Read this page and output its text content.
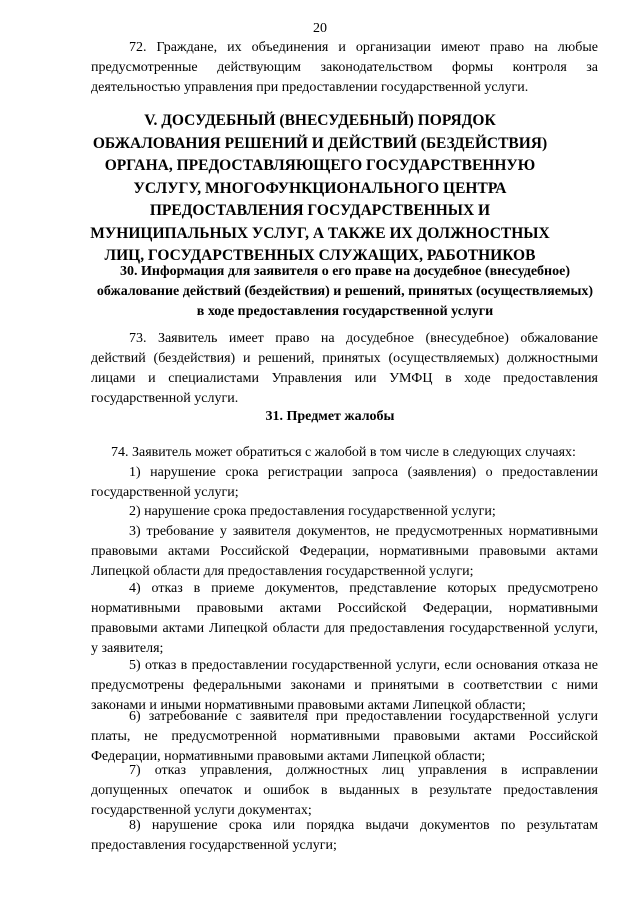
20
72. Граждане, их объединения и организации имеют право на любые предусмотренные действующим законодательством формы контроля за деятельностью управления при предоставлении государственной услуги.
V. ДОСУДЕБНЫЙ (ВНЕСУДЕБНЫЙ) ПОРЯДОК ОБЖАЛОВАНИЯ РЕШЕНИЙ И ДЕЙСТВИЙ (БЕЗДЕЙСТВИЯ) ОРГАНА, ПРЕДОСТАВЛЯЮЩЕГО ГОСУДАРСТВЕННУЮ УСЛУГУ, МНОГОФУНКЦИОНАЛЬНОГО ЦЕНТРА ПРЕДОСТАВЛЕНИЯ ГОСУДАРСТВЕННЫХ И МУНИЦИПАЛЬНЫХ УСЛУГ, А ТАКЖЕ ИХ ДОЛЖНОСТНЫХ ЛИЦ, ГОСУДАРСТВЕННЫХ СЛУЖАЩИХ, РАБОТНИКОВ
30. Информация для заявителя о его праве на досудебное (внесудебное) обжалование действий (бездействия) и решений, принятых (осуществляемых) в ходе предоставления государственной услуги
73. Заявитель имеет право на досудебное (внесудебное) обжалование действий (бездействия) и решений, принятых (осуществляемых) должностными лицами и специалистами Управления или УМФЦ в ходе предоставления государственной услуги.
31. Предмет жалобы
74. Заявитель может обратиться с жалобой в том числе в следующих случаях:
1) нарушение срока регистрации запроса (заявления) о предоставлении государственной услуги;
2) нарушение срока предоставления государственной услуги;
3) требование у заявителя документов, не предусмотренных нормативными правовыми актами Российской Федерации, нормативными правовыми актами Липецкой области для предоставления государственной услуги;
4) отказ в приеме документов, представление которых предусмотрено нормативными правовыми актами Российской Федерации, нормативными правовыми актами Липецкой области для предоставления государственной услуги, у заявителя;
5) отказ в предоставлении государственной услуги, если основания отказа не предусмотрены федеральными законами и принятыми в соответствии с ними законами и иными нормативными правовыми актами Липецкой области;
6) затребование с заявителя при предоставлении государственной услуги платы, не предусмотренной нормативными правовыми актами Российской Федерации, нормативными правовыми актами Липецкой области;
7) отказ управления, должностных лиц управления в исправлении допущенных опечаток и ошибок в выданных в результате предоставления государственной услуги документах;
8) нарушение срока или порядка выдачи документов по результатам предоставления государственной услуги;
